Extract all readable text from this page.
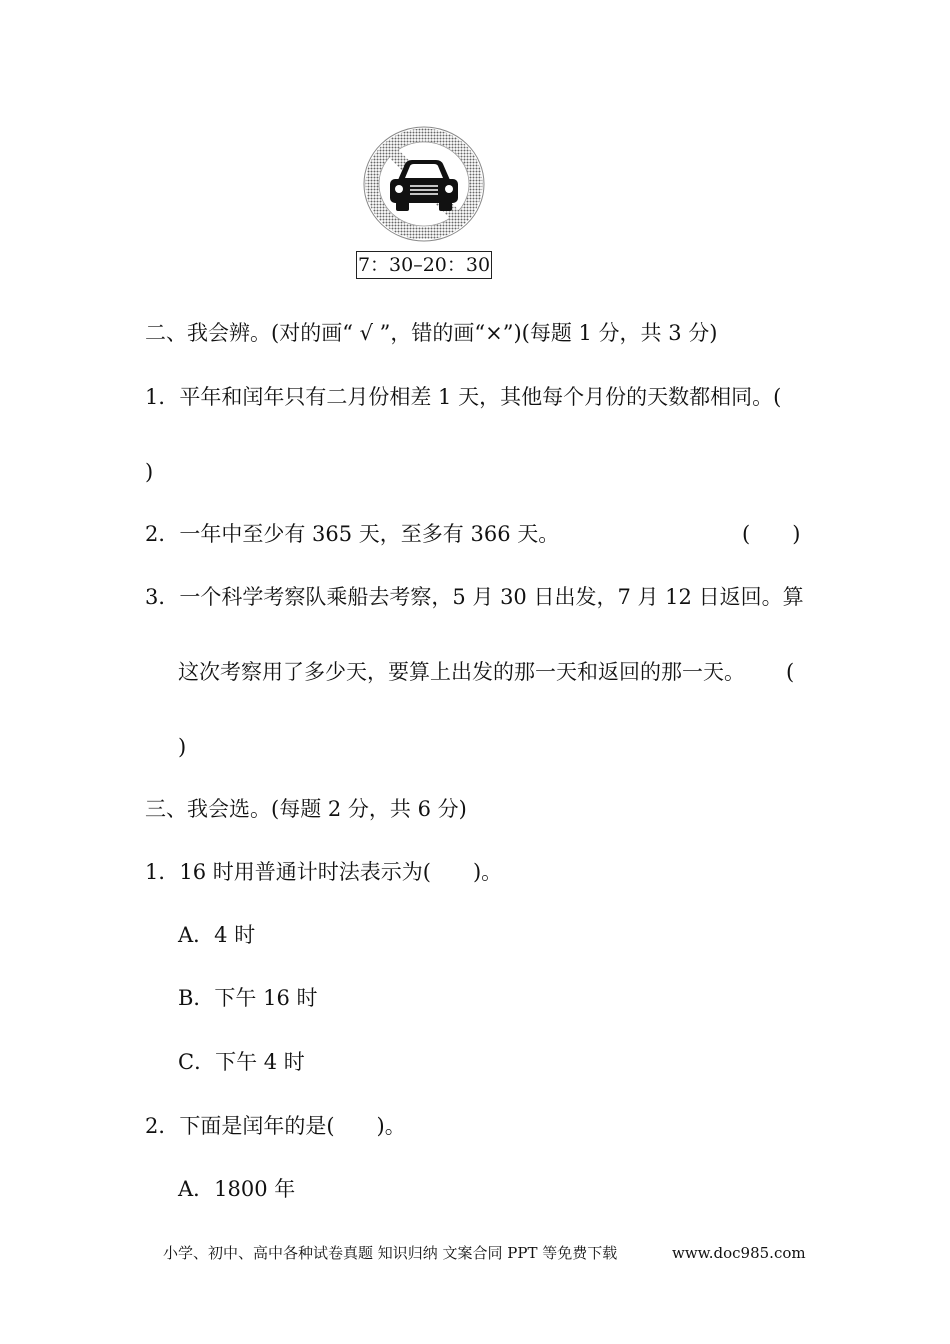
7：30–20：30
二、我会辨。(对的画“ √ ”，错的画“×”)(每题 1 分，共 3 分)
1．平年和闰年只有二月份相差 1 天，其他每个月份的天数都相同。(
)
2．一年中至少有 365 天，至多有 366 天。	(　　)
3．一个科学考察队乘船去考察，5 月 30 日出发，7 月 12 日返回。算
这次考察用了多少天，要算上出发的那一天和返回的那一天。 (
)
三、我会选。(每题 2 分，共 6 分)
1．16 时用普通计时法表示为(　　)。
A．4 时
B．下午 16 时
C．下午 4 时
2．下面是闰年的是(　　)。
A．1800 年
小学、初中、高中各种试卷真题 知识归纳 文案合同 PPT 等免费下载	www.doc985.com
